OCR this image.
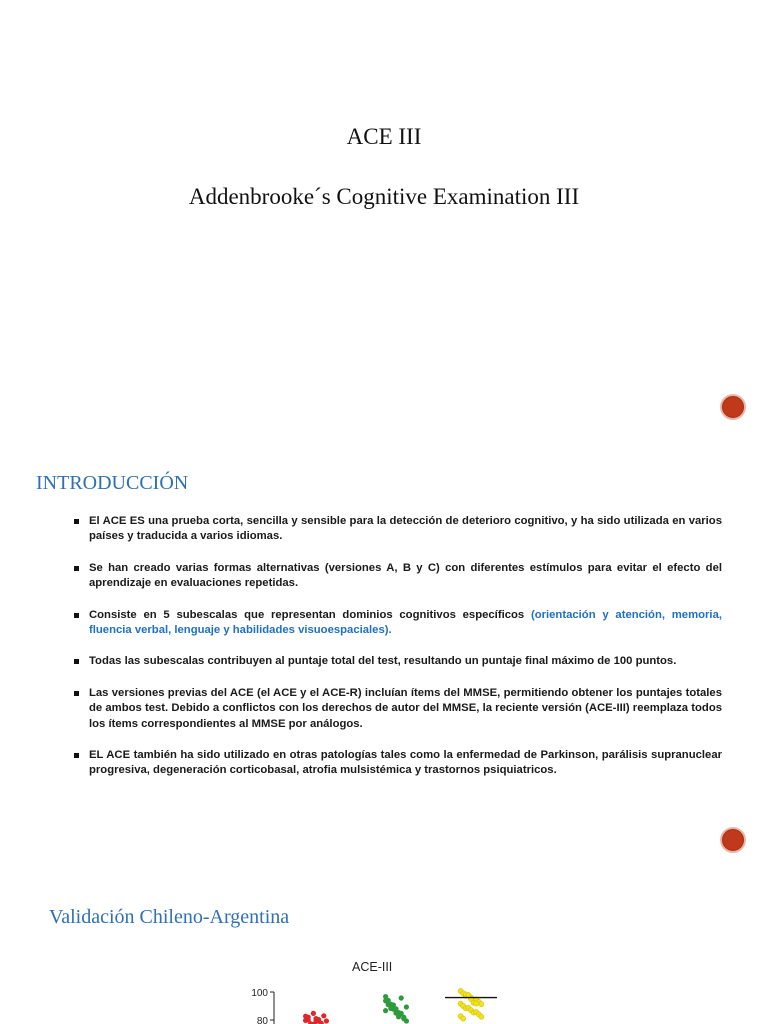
ACE III
Addenbrooke´s Cognitive Examination III
INTRODUCCIÓN
El ACE ES una prueba corta, sencilla y sensible para la detección de deterioro cognitivo, y ha sido utilizada en varios países y traducida a varios idiomas.
Se han creado varias formas alternativas (versiones A, B y C) con diferentes estímulos para evitar el efecto del aprendizaje en evaluaciones repetidas.
Consiste en 5 subescalas que representan dominios cognitivos específicos (orientación y atención, memoria, fluencia verbal, lenguaje y habilidades visuoespaciales).
Todas las subescalas contribuyen al puntaje total del test, resultando un puntaje final máximo de 100 puntos.
Las versiones previas del ACE (el ACE y el ACE-R) incluían ítems del MMSE, permitiendo obtener los puntajes totales de ambos test. Debido a conflictos con los derechos de autor del MMSE, la reciente versión (ACE-III) reemplaza todos los ítems correspondientes al MMSE por análogos.
EL ACE también ha sido utilizado en otras patologías tales como la enfermedad de Parkinson, parálisis supranuclear progresiva, degeneración corticobasal, atrofia mulsistémica y trastornos psiquiatricos.
Validación Chileno-Argentina
ACE-III
100
80
